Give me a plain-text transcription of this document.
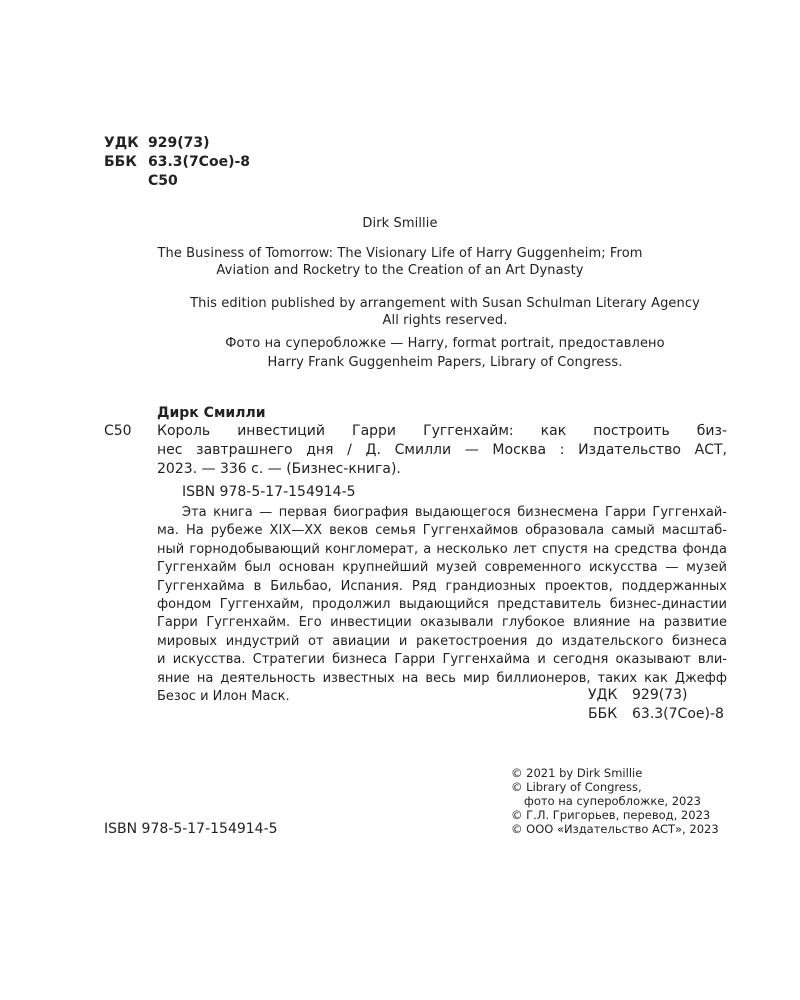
УДК 929(73)
ББК 63.3(7Сое)-8
С50
Dirk Smillie
The Business of Tomorrow: The Visionary Life of Harry Guggenheim; From
Aviation and Rocketry to the Creation of an Art Dynasty
This edition published by arrangement with Susan Schulman Literary Agency
All rights reserved.
Фото на суперобложке — Harry, format portrait, предоставлено
Harry Frank Guggenheim Papers, Library of Congress.
Дирк Смилли
С50 Король инвестиций Гарри Гуггенхайм: как построить биз-
нес завтрашнего дня / Д. Смилли — Москва : Издательство АСТ,
2023. — 336 с. — (Бизнес-книга).
ISBN 978-5-17-154914-5
Эта книга — первая биография выдающегося бизнесмена Гарри Гуггенхай-
ма. На рубеже XIX—XX веков семья Гуггенхаймов образовала самый масштаб-
ный горнодобывающий конгломерат, а несколько лет спустя на средства фонда
Гуггенхайм был основан крупнейший музей современного искусства — музей
Гуггенхайма в Бильбао, Испания. Ряд грандиозных проектов, поддержанных
фондом Гуггенхайм, продолжил выдающийся представитель бизнес-династии
Гарри Гуггенхайм. Его инвестиции оказывали глубокое влияние на развитие
мировых индустрий от авиации и ракетостроения до издательского бизнеса
и искусства. Стратегии бизнеса Гарри Гуггенхайма и сегодня оказывают вли-
яние на деятельность известных на весь мир биллионеров, таких как Джефф
Безос и Илон Маск.	УДК	929(73)
ББК	63.3(7Сое)-8
© 2021 by Dirk Smillie
© Library of Congress,
фото на суперобложке, 2023
© Г.Л. Григорьев, перевод, 2023
© ООО «Издательство АСТ», 2023
ISBN 978-5-17-154914-5
